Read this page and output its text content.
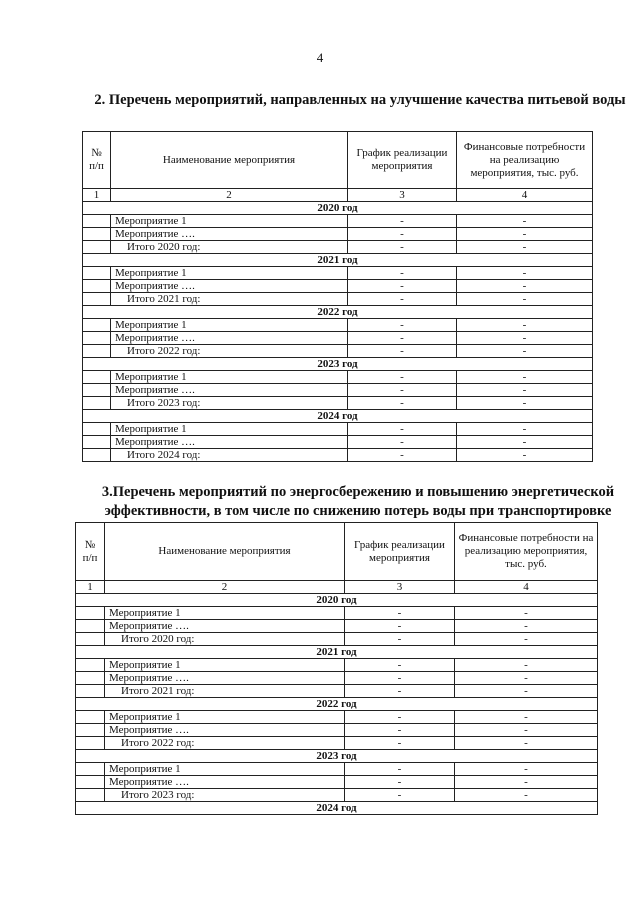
4
2. Перечень мероприятий, направленных на улучшение качества питьевой воды
№ п/п	Наименование мероприятия	График реализации мероприятия	Финансовые потребности на реализацию мероприятия, тыс. руб.
1	2	3	4
2020 год			
	Мероприятие 1	-	-
	Мероприятие ….	-	-
	Итого 2020 год:	-	-
2021 год			
	Мероприятие 1	-	-
	Мероприятие ….	-	-
	Итого 2021 год:	-	-
2022 год			
	Мероприятие 1	-	-
	Мероприятие ….	-	-
	Итого 2022 год:	-	-
2023 год			
	Мероприятие 1	-	-
	Мероприятие ….	-	-
	Итого 2023 год:	-	-
2024 год			
	Мероприятие 1	-	-
	Мероприятие ….	-	-
	Итого 2024 год:	-	-
3.Перечень мероприятий по энергосбережению и повышению энергетической эффективности, в том числе по снижению потерь воды при транспортировке
№ п/п	Наименование мероприятия	График реализации мероприятия	Финансовые потребности на реализацию мероприятия, тыс. руб.
1	2	3	4
2020 год			
	Мероприятие 1	-	-
	Мероприятие ….	-	-
	Итого 2020 год:	-	-
2021 год			
	Мероприятие 1	-	-
	Мероприятие ….	-	-
	Итого 2021 год:	-	-
2022 год			
	Мероприятие 1	-	-
	Мероприятие ….	-	-
	Итого 2022 год:	-	-
2023 год			
	Мероприятие 1	-	-
	Мероприятие ….	-	-
	Итого 2023 год:	-	-
2024 год			
